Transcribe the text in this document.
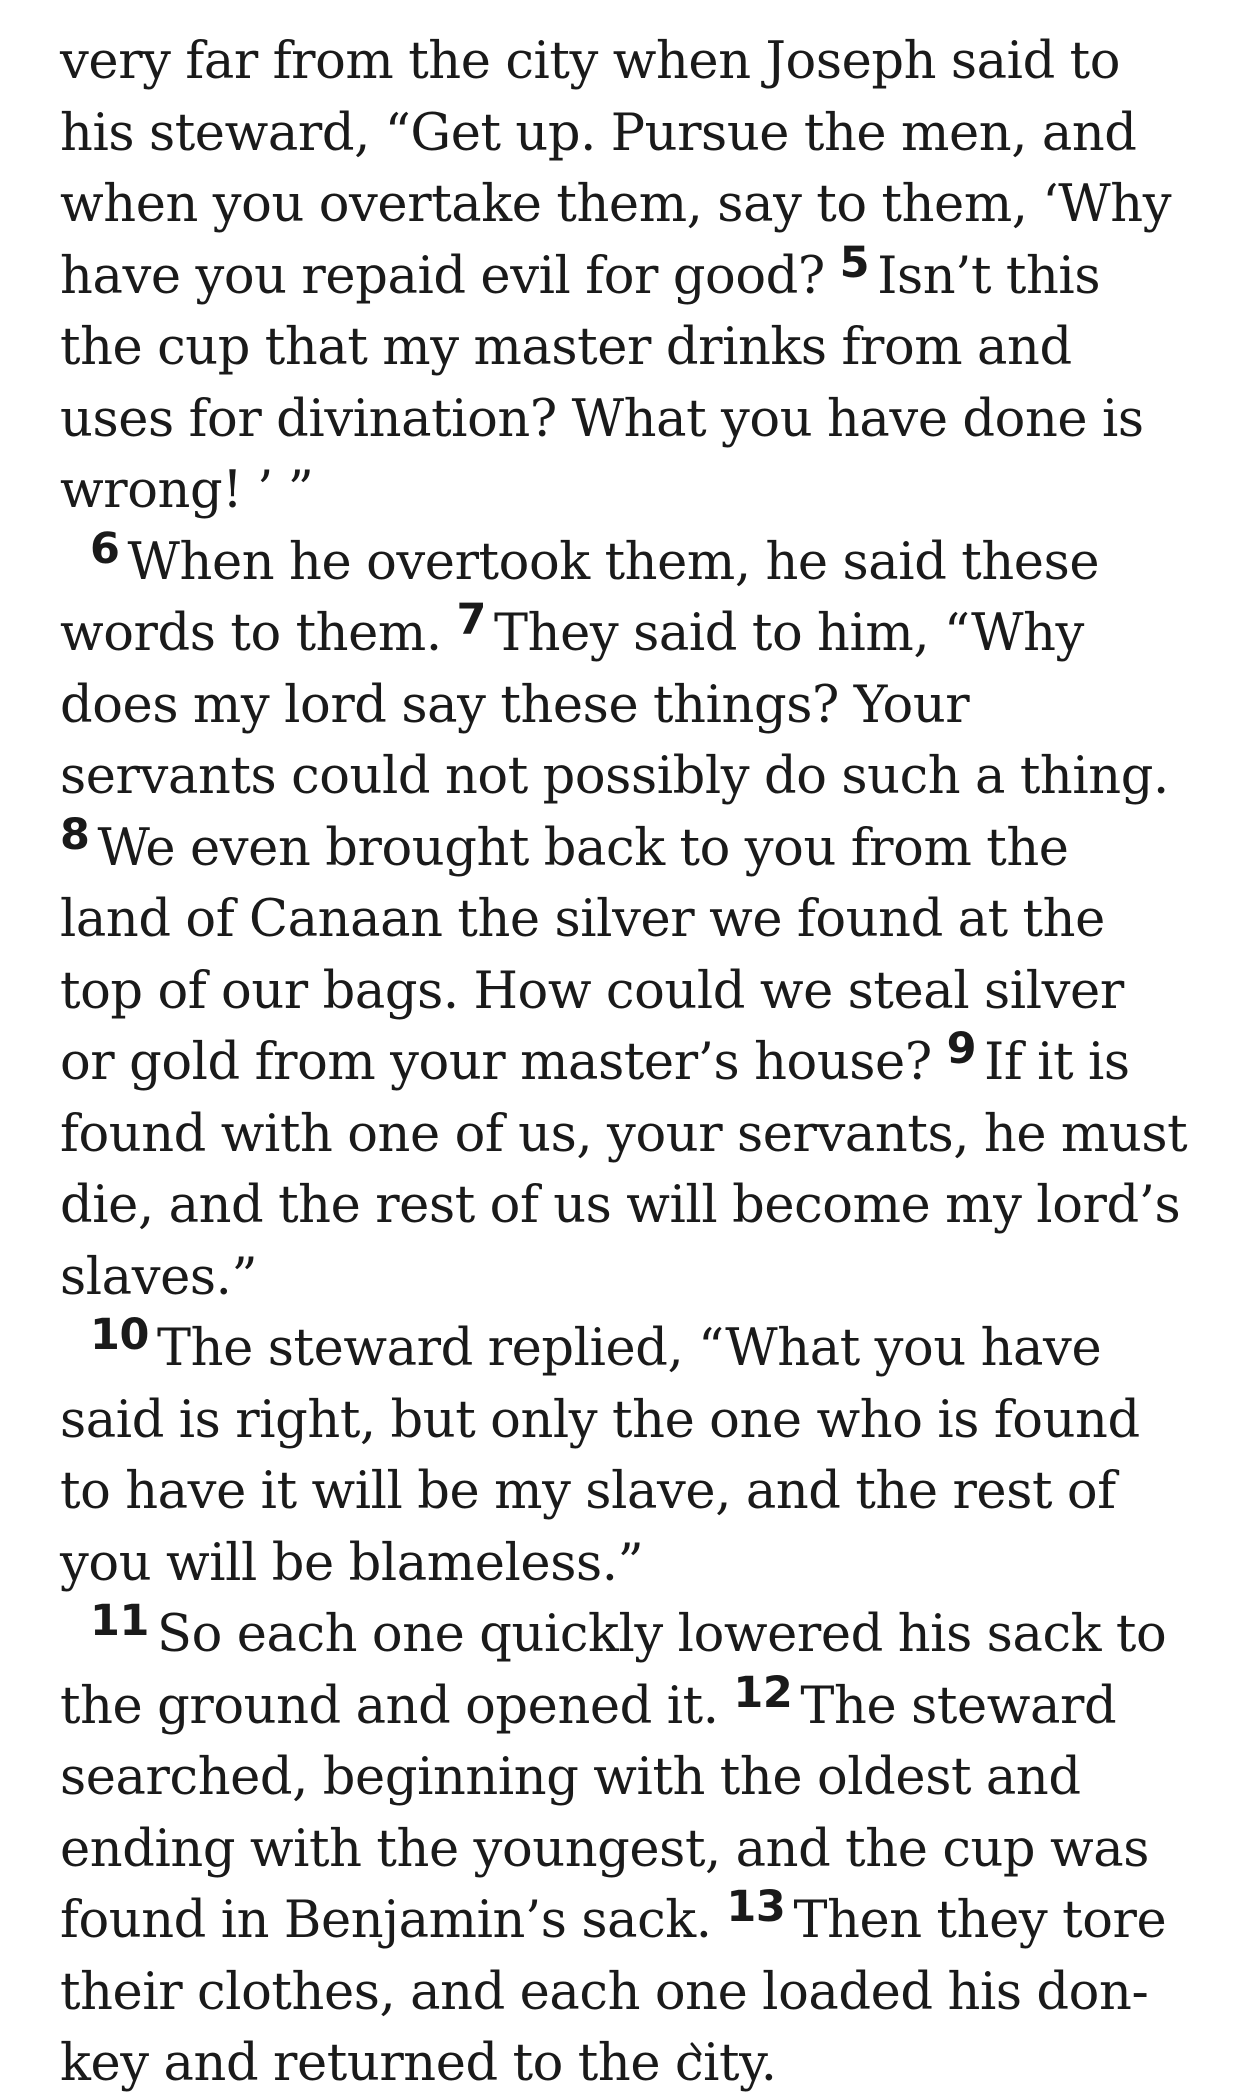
very far from the city when Joseph said to his steward, “Get up. Pursue the men, and when you overtake them, say to them, ‘Why have you repaid evil for good? $^5$ Isn’t this the cup that my master drinks from and uses for divination? What you have done is wrong! ’ ”

$^6$ When he overtook them, he said these words to them. $^7$ They said to him, “Why does my lord say these things? Your servants could not possibly do such a thing. $^8$ We even brought back to you from the land of Canaan the silver we found at the top of our bags. How could we steal silver or gold from your master’s house? $^9$ If it is found with one of us, your servants, he must die, and the rest of us will become my lord’s slaves.”

$^{10}$ The steward replied, “What you have said is right, but only the one who is found to have it will be my slave, and the rest of you will be blameless.”

$^{11}$ So each one quickly lowered his sack to the ground and opened it. $^{12}$ The steward searched, beginning with the oldest and ending with the youngest, and the cup was found in Benjamin’s sack. $^{13}$ Then they tore their clothes, and each one loaded his donkey and returned to the city.
